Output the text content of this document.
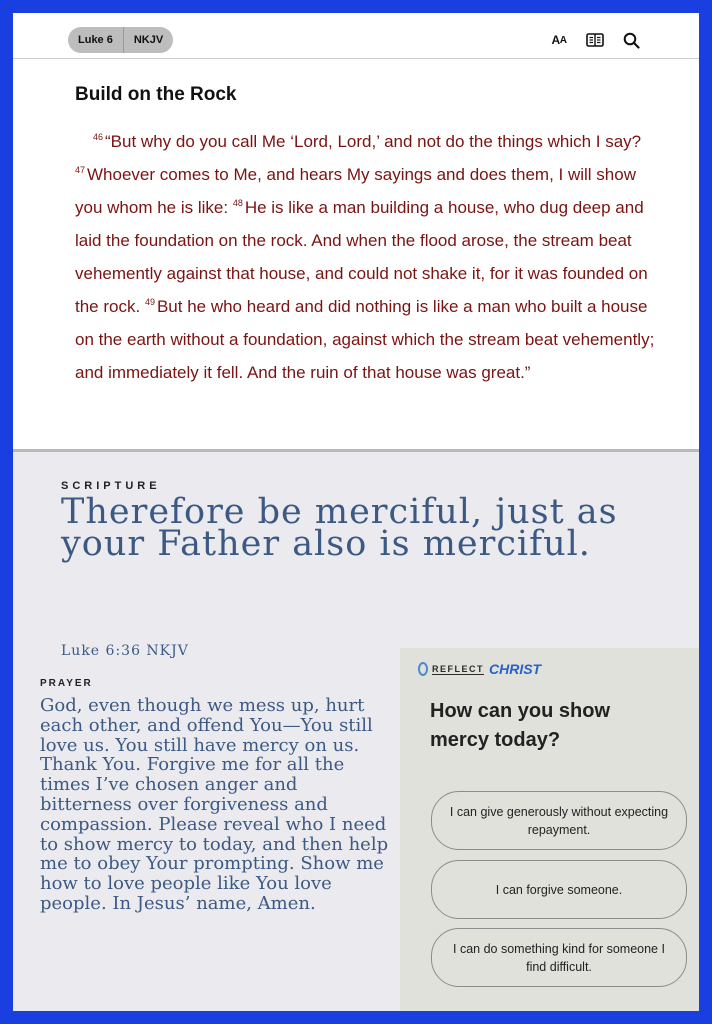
Luke 6	NKJV	A A
Build on the Rock
$^{46}$ “But why do you call Me ‘Lord, Lord,’ and not do the things which I say? $^{47}$ Whoever comes to Me, and hears My sayings and does them, I will show you whom he is like: $^{48}$ He is like a man building a house, who dug deep and laid the foundation on the rock. And when the flood arose, the stream beat vehemently against that house, and could not shake it, for it was founded on the rock. $^{49}$ But he who heard and did nothing is like a man who built a house on the earth without a foundation, against which the stream beat vehemently; and immediately it fell. And the ruin of that house was great.”
SCRIPTURE
Therefore be merciful, just as your Father also is merciful.
Luke 6:36 NKJV
PRAYER
God, even though we mess up, hurt each other, and offend You—You still love us. You still have mercy on us. Thank You. Forgive me for all the times I’ve chosen anger and bitterness over forgiveness and compassion. Please reveal who I need to show mercy to today, and then help me to obey Your prompting. Show me how to love people like You love people. In Jesus’ name, Amen.
REFLECT CHRIST
How can you show mercy today?
I can give generously without expecting repayment.
I can forgive someone.
I can do something kind for someone I find difficult.
